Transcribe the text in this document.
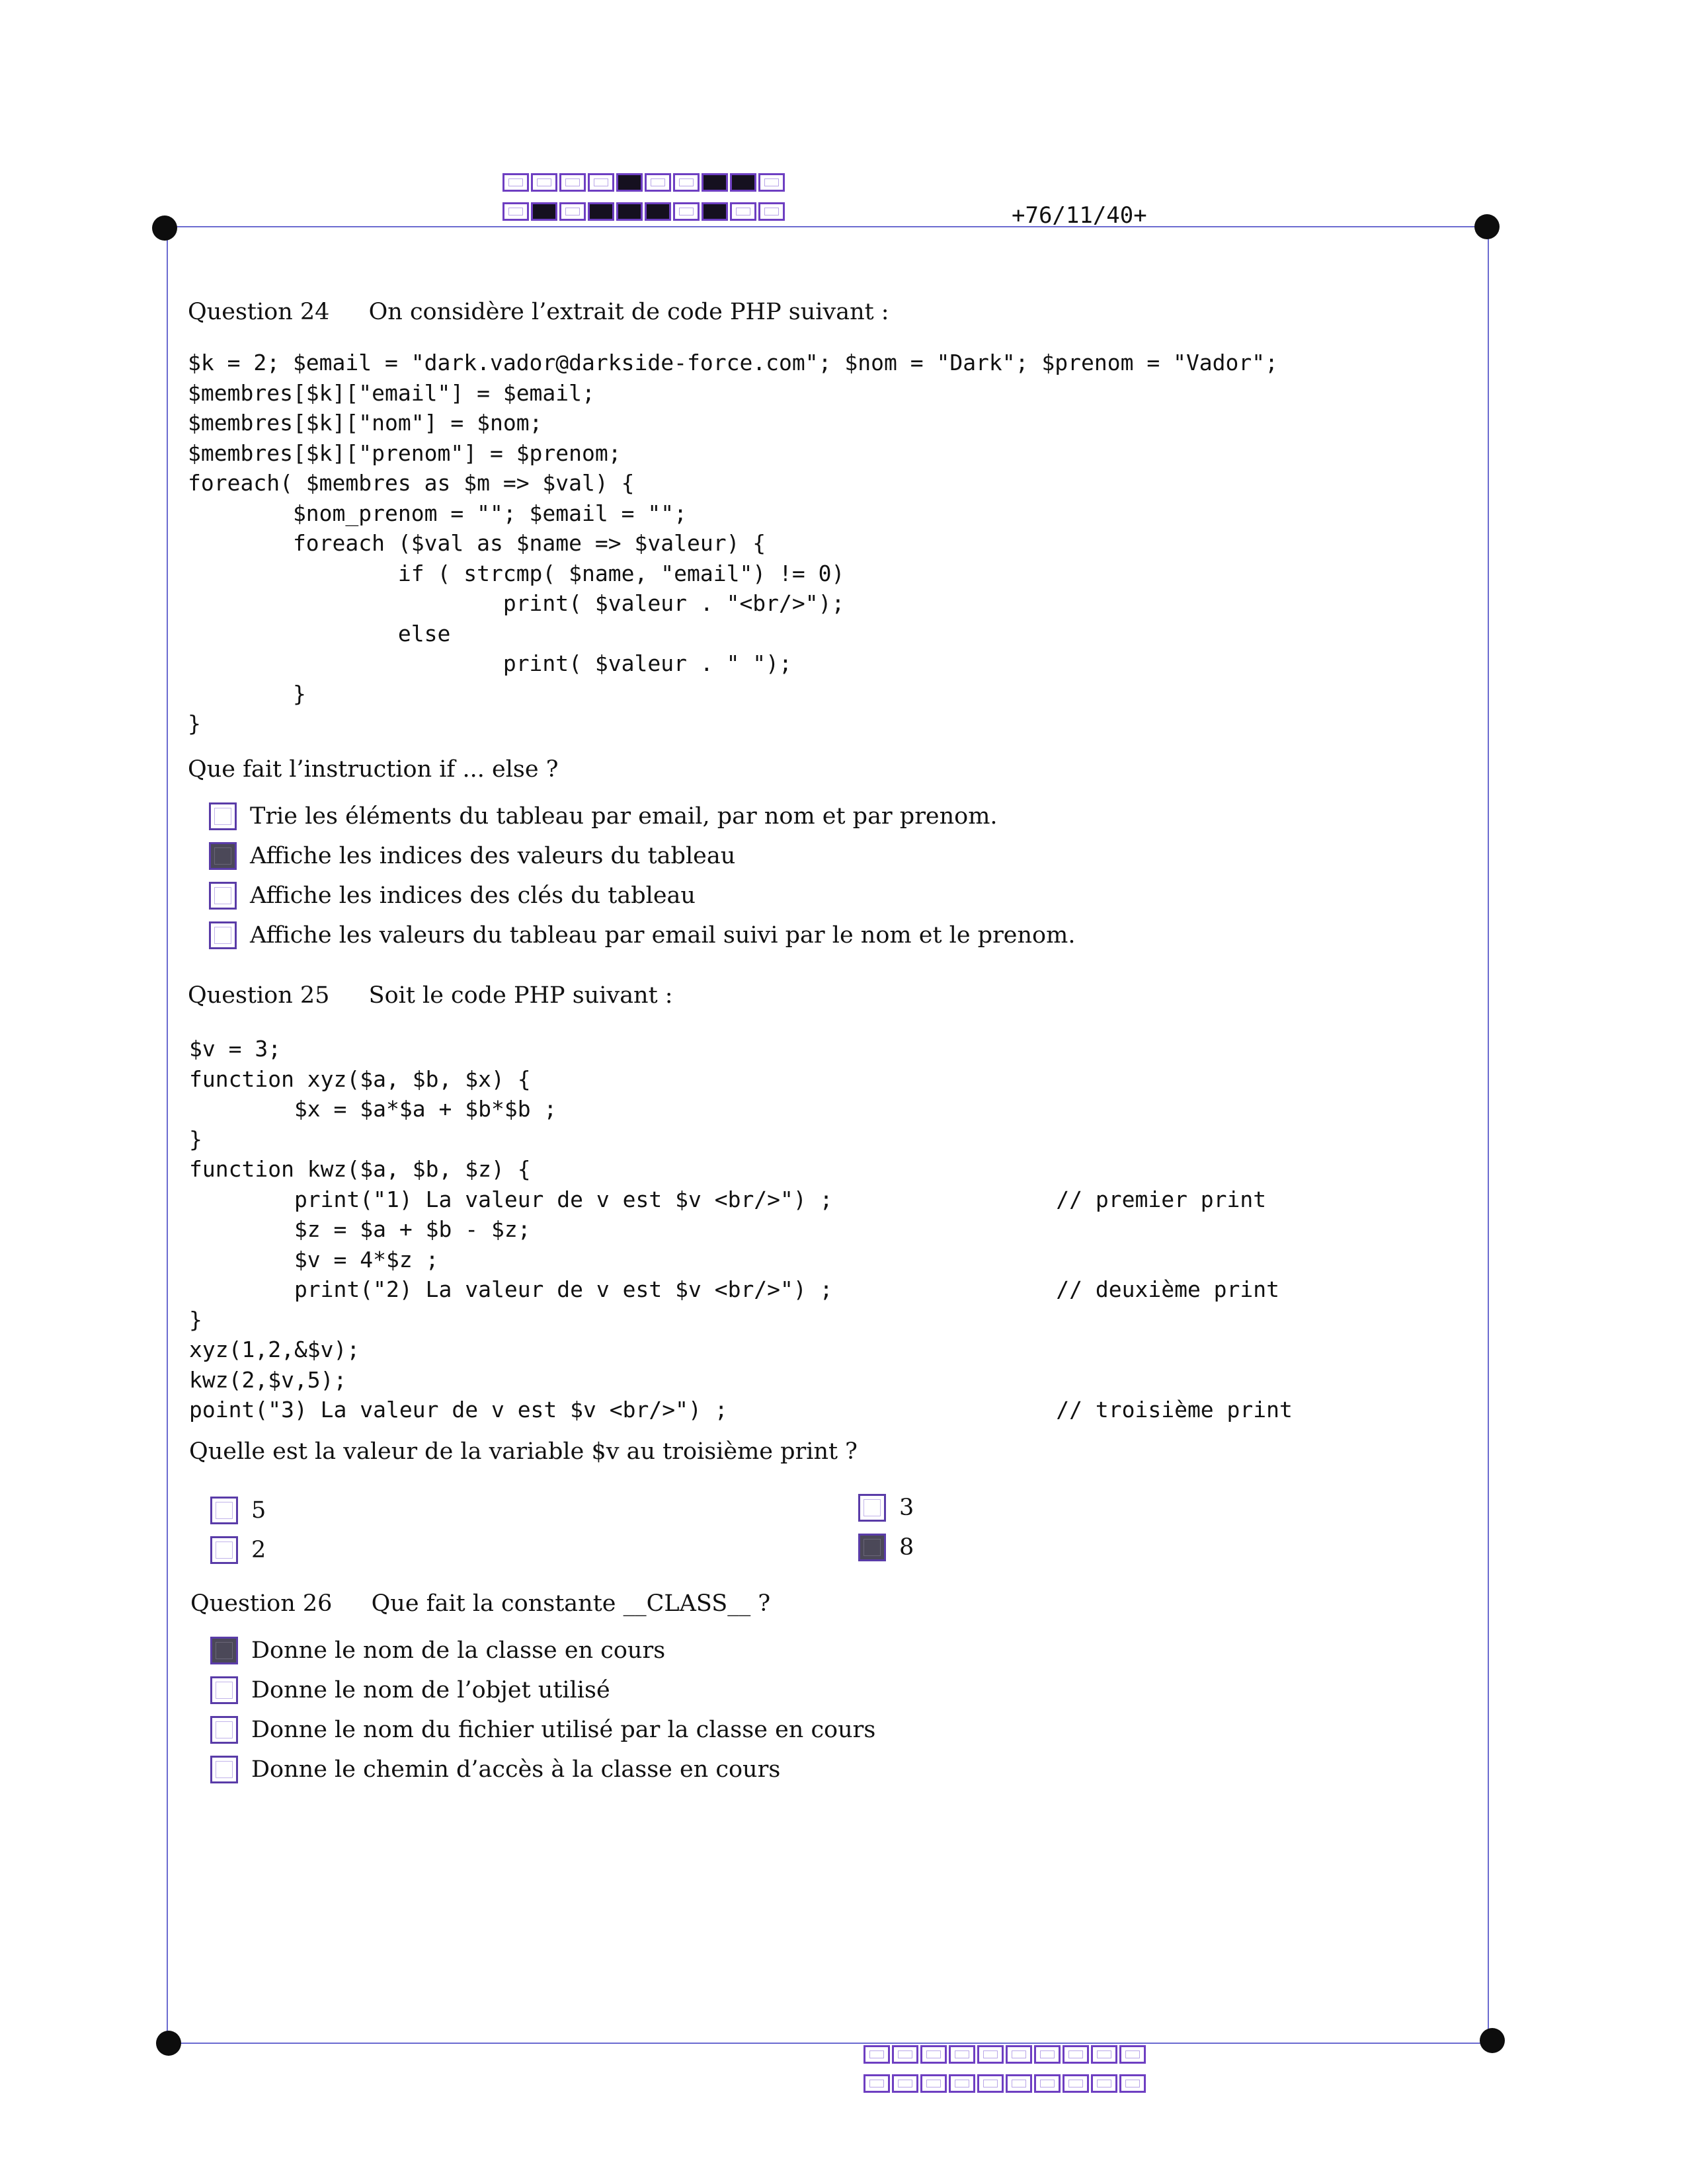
+76/11/40+
Question 24 On considère l’extrait de code PHP suivant :
$k = 2; $email = "dark.vador@darkside-force.com"; $nom = "Dark"; $prenom = "Vador";
$membres[$k]["email"] = $email;
$membres[$k]["nom"] = $nom;
$membres[$k]["prenom"] = $prenom;
foreach( $membres as $m => $val) {
$nom_prenom = ""; $email = "";
foreach ($val as $name => $valeur) {
if ( strcmp( $name, "email") != 0)
print( $valeur . "<br/>");
else
print( $valeur . " ");
}
}
Que fait l’instruction if ... else ?
Trie les éléments du tableau par email, par nom et par prenom.
Affiche les indices des valeurs du tableau
Affiche les indices des clés du tableau
Affiche les valeurs du tableau par email suivi par le nom et le prenom.
Question 25 Soit le code PHP suivant :
$v = 3;
function xyz($a, $b, $x) {
$x = $a*$a + $b*$b ;
}
function kwz($a, $b, $z) {
print("1) La valeur de v est $v <br/>") ;                 // premier print
$z = $a + $b - $z;
$v = 4*$z ;
print("2) La valeur de v est $v <br/>") ;                 // deuxième print
}
xyz(1,2,&$v);
kwz(2,$v,5);
point("3) La valeur de v est $v <br/>") ;                         // troisième print
Quelle est la valeur de la variable $v au troisième print ?
5
2
3
8
Question 26 Que fait la constante __CLASS__ ?
Donne le nom de la classe en cours
Donne le nom de l’objet utilisé
Donne le nom du fichier utilisé par la classe en cours
Donne le chemin d’accès à la classe en cours
